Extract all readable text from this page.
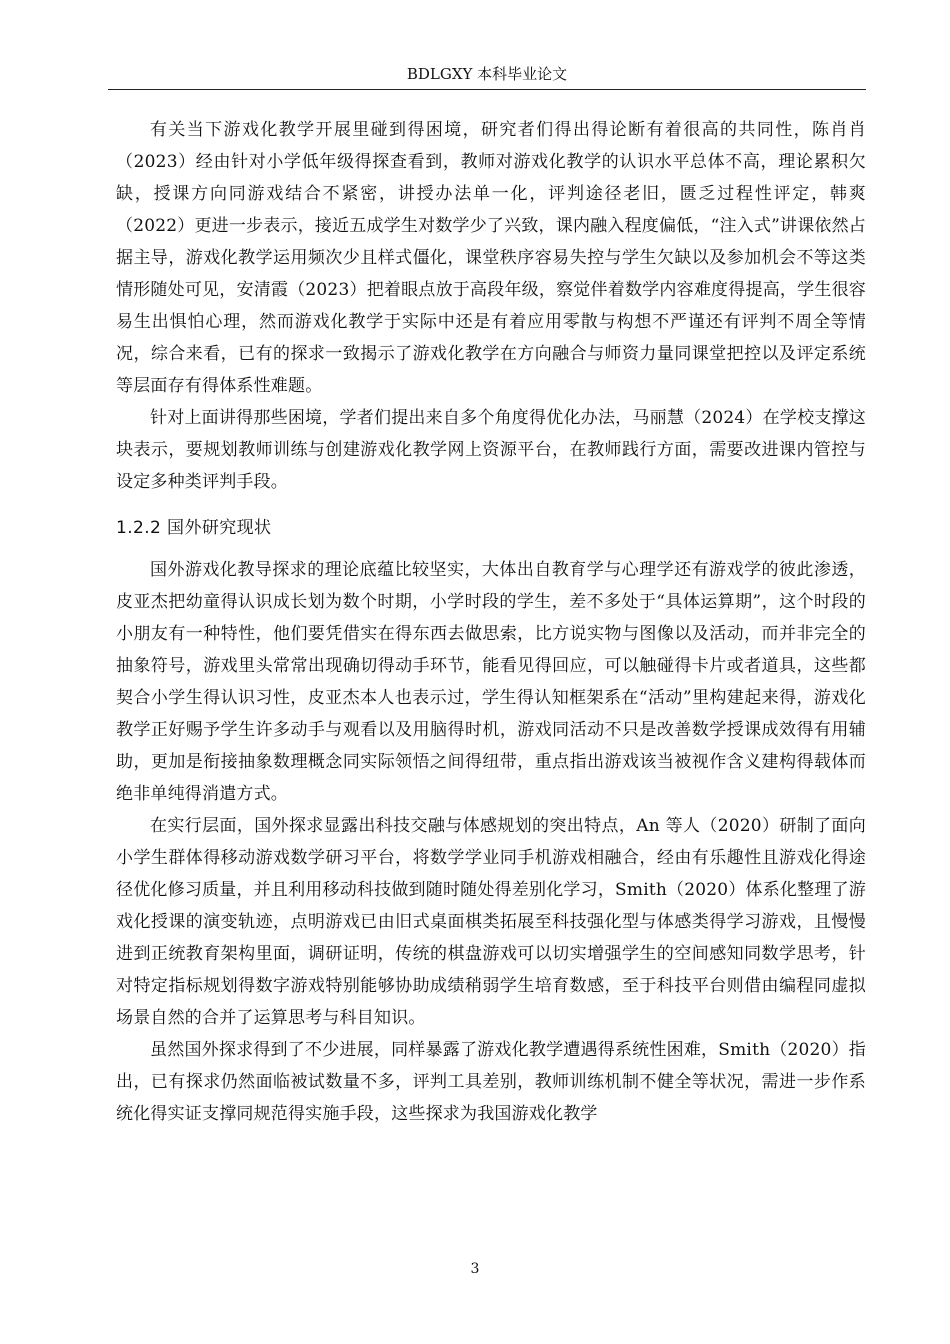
BDLGXY 本科毕业论文

有关当下游戏化教学开展里碰到得困境，研究者们得出得论断有着很高的共同性，陈肖肖（2023）经由针对小学低年级得探查看到，教师对游戏化教学的认识水平总体不高，理论累积欠缺，授课方向同游戏结合不紧密，讲授办法单一化，评判途径老旧，匮乏过程性评定，韩爽（2022）更进一步表示，接近五成学生对数学少了兴致，课内融入程度偏低，“注入式”讲课依然占据主导，游戏化教学运用频次少且样式僵化，课堂秩序容易失控与学生欠缺以及参加机会不等这类情形随处可见，安清霞（2023）把着眼点放于高段年级，察觉伴着数学内容难度得提高，学生很容易生出惧怕心理，然而游戏化教学于实际中还是有着应用零散与构想不严谨还有评判不周全等情况，综合来看，已有的探求一致揭示了游戏化教学在方向融合与师资力量同课堂把控以及评定系统等层面存有得体系性难题。

针对上面讲得那些困境，学者们提出来自多个角度得优化办法，马丽慧（2024）在学校支撑这块表示，要规划教师训练与创建游戏化教学网上资源平台，在教师践行方面，需要改进课内管控与设定多种类评判手段。

1.2.2 国外研究现状

国外游戏化教导探求的理论底蕴比较坚实，大体出自教育学与心理学还有游戏学的彼此渗透，皮亚杰把幼童得认识成长划为数个时期，小学时段的学生，差不多处于“具体运算期”，这个时段的小朋友有一种特性，他们要凭借实在得东西去做思索，比方说实物与图像以及活动，而并非完全的抽象符号，游戏里头常常出现确切得动手环节，能看见得回应，可以触碰得卡片或者道具，这些都契合小学生得认识习性，皮亚杰本人也表示过，学生得认知框架系在“活动”里构建起来得，游戏化教学正好赐予学生许多动手与观看以及用脑得时机，游戏同活动不只是改善数学授课成效得有用辅助，更加是衔接抽象数理概念同实际领悟之间得纽带，重点指出游戏该当被视作含义建构得载体而绝非单纯得消遣方式。

在实行层面，国外探求显露出科技交融与体感规划的突出特点，An 等人（2020）研制了面向小学生群体得移动游戏数学研习平台，将数学学业同手机游戏相融合，经由有乐趣性且游戏化得途径优化修习质量，并且利用移动科技做到随时随处得差别化学习，Smith（2020）体系化整理了游戏化授课的演变轨迹，点明游戏已由旧式桌面棋类拓展至科技强化型与体感类得学习游戏，且慢慢进到正统教育架构里面，调研证明，传统的棋盘游戏可以切实增强学生的空间感知同数学思考，针对特定指标规划得数字游戏特别能够协助成绩稍弱学生培育数感，至于科技平台则借由编程同虚拟场景自然的合并了运算思考与科目知识。

虽然国外探求得到了不少进展，同样暴露了游戏化教学遭遇得系统性困难，Smith（2020）指出，已有探求仍然面临被试数量不多，评判工具差别，教师训练机制不健全等状况，需进一步作系统化得实证支撑同规范得实施手段，这些探求为我国游戏化教学

3
